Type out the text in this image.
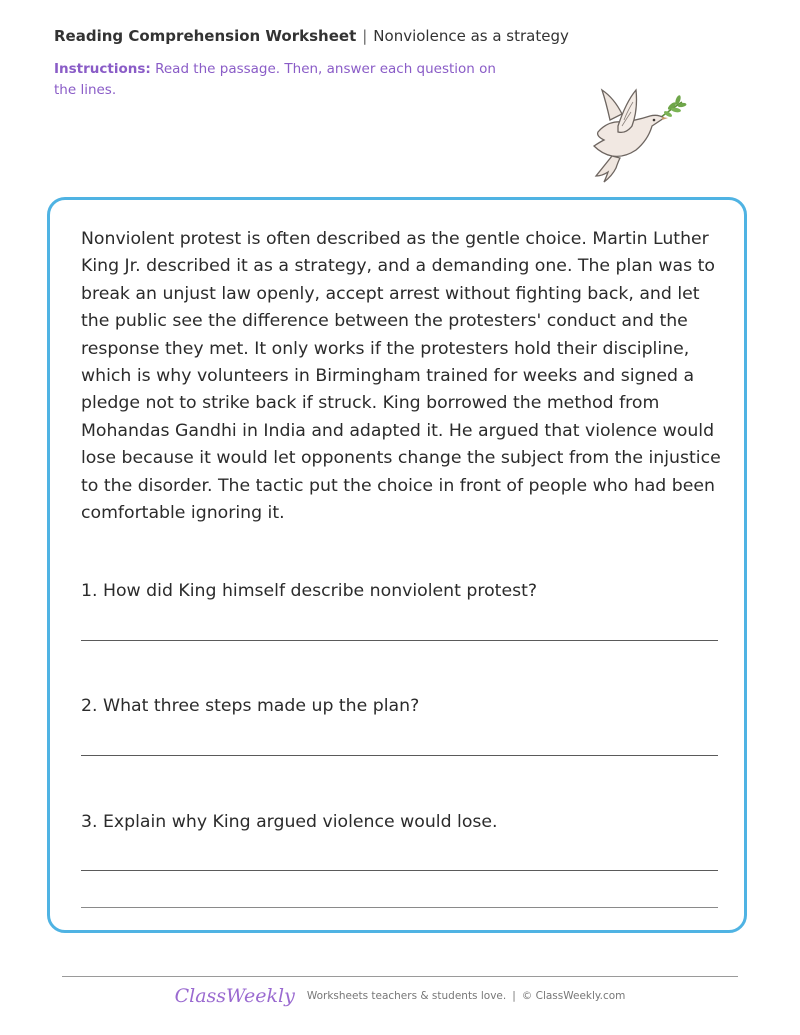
Reading Comprehension Worksheet | Nonviolence as a strategy
Instructions: Read the passage. Then, answer each question on the lines.

Nonviolent protest is often described as the gentle choice. Martin Luther King Jr. described it as a strategy, and a demanding one. The plan was to break an unjust law openly, accept arrest without fighting back, and let the public see the difference between the protesters' conduct and the response they met. It only works if the protesters hold their discipline, which is why volunteers in Birmingham trained for weeks and signed a pledge not to strike back if struck. King borrowed the method from Mohandas Gandhi in India and adapted it. He argued that violence would lose because it would let opponents change the subject from the injustice to the disorder. The tactic put the choice in front of people who had been comfortable ignoring it.

1. How did King himself describe nonviolent protest?
2. What three steps made up the plan?
3. Explain why King argued violence would lose.
ClassWeekly Worksheets teachers & students love. | © ClassWeekly.com
